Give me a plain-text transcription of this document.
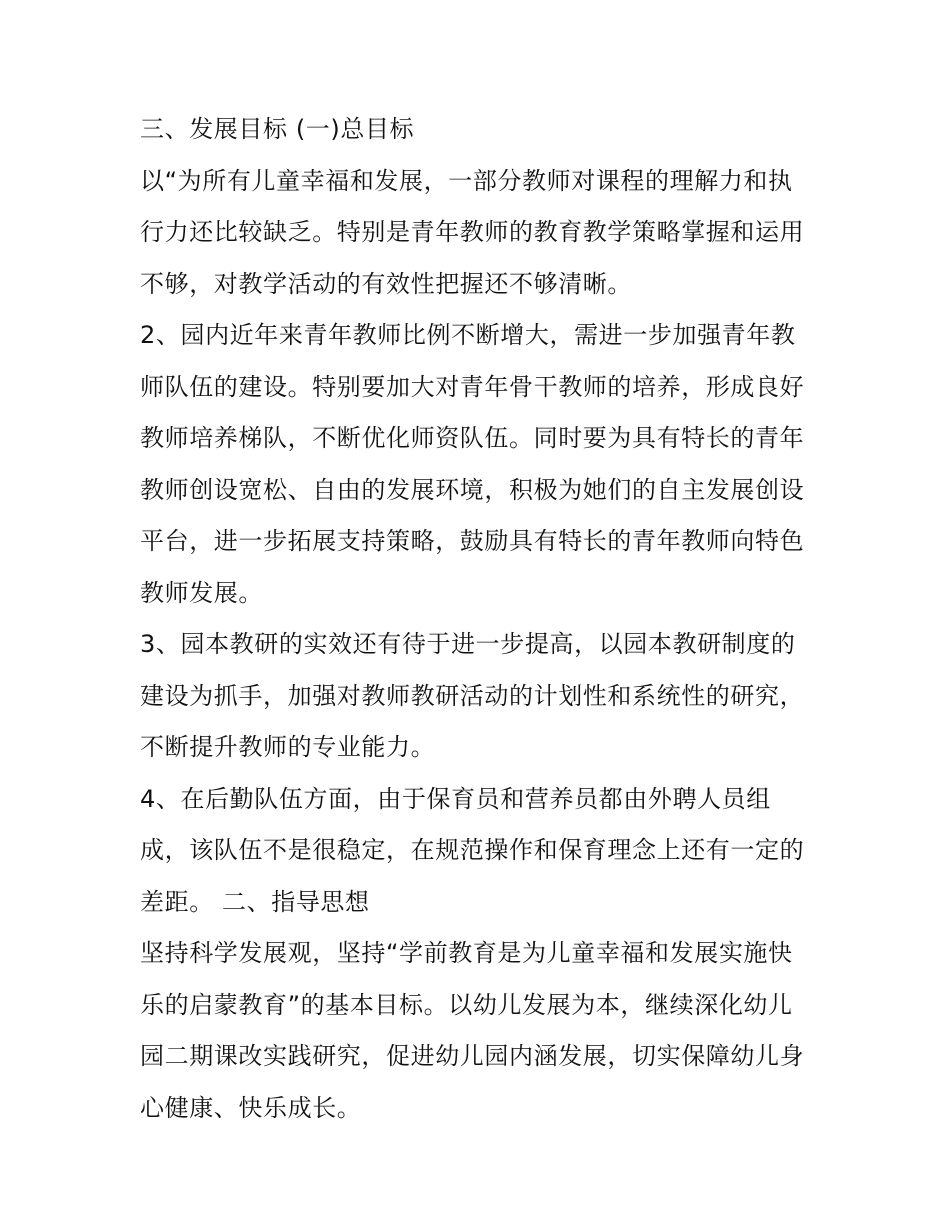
三、发展目标 (一)总目标
以“为所有儿童幸福和发展，一部分教师对课程的理解力和执
行力还比较缺乏。特别是青年教师的教育教学策略掌握和运用
不够，对教学活动的有效性把握还不够清晰。
2、园内近年来青年教师比例不断增大，需进一步加强青年教
师队伍的建设。特别要加大对青年骨干教师的培养，形成良好
教师培养梯队，不断优化师资队伍。同时要为具有特长的青年
教师创设宽松、自由的发展环境，积极为她们的自主发展创设
平台，进一步拓展支持策略，鼓励具有特长的青年教师向特色
教师发展。
3、园本教研的实效还有待于进一步提高，以园本教研制度的
建设为抓手，加强对教师教研活动的计划性和系统性的研究，
不断提升教师的专业能力。
4、在后勤队伍方面，由于保育员和营养员都由外聘人员组
成，该队伍不是很稳定，在规范操作和保育理念上还有一定的
差距。 二、指导思想
坚持科学发展观，坚持“学前教育是为儿童幸福和发展实施快
乐的启蒙教育”的基本目标。以幼儿发展为本，继续深化幼儿
园二期课改实践研究，促进幼儿园内涵发展，切实保障幼儿身
心健康、快乐成长。
